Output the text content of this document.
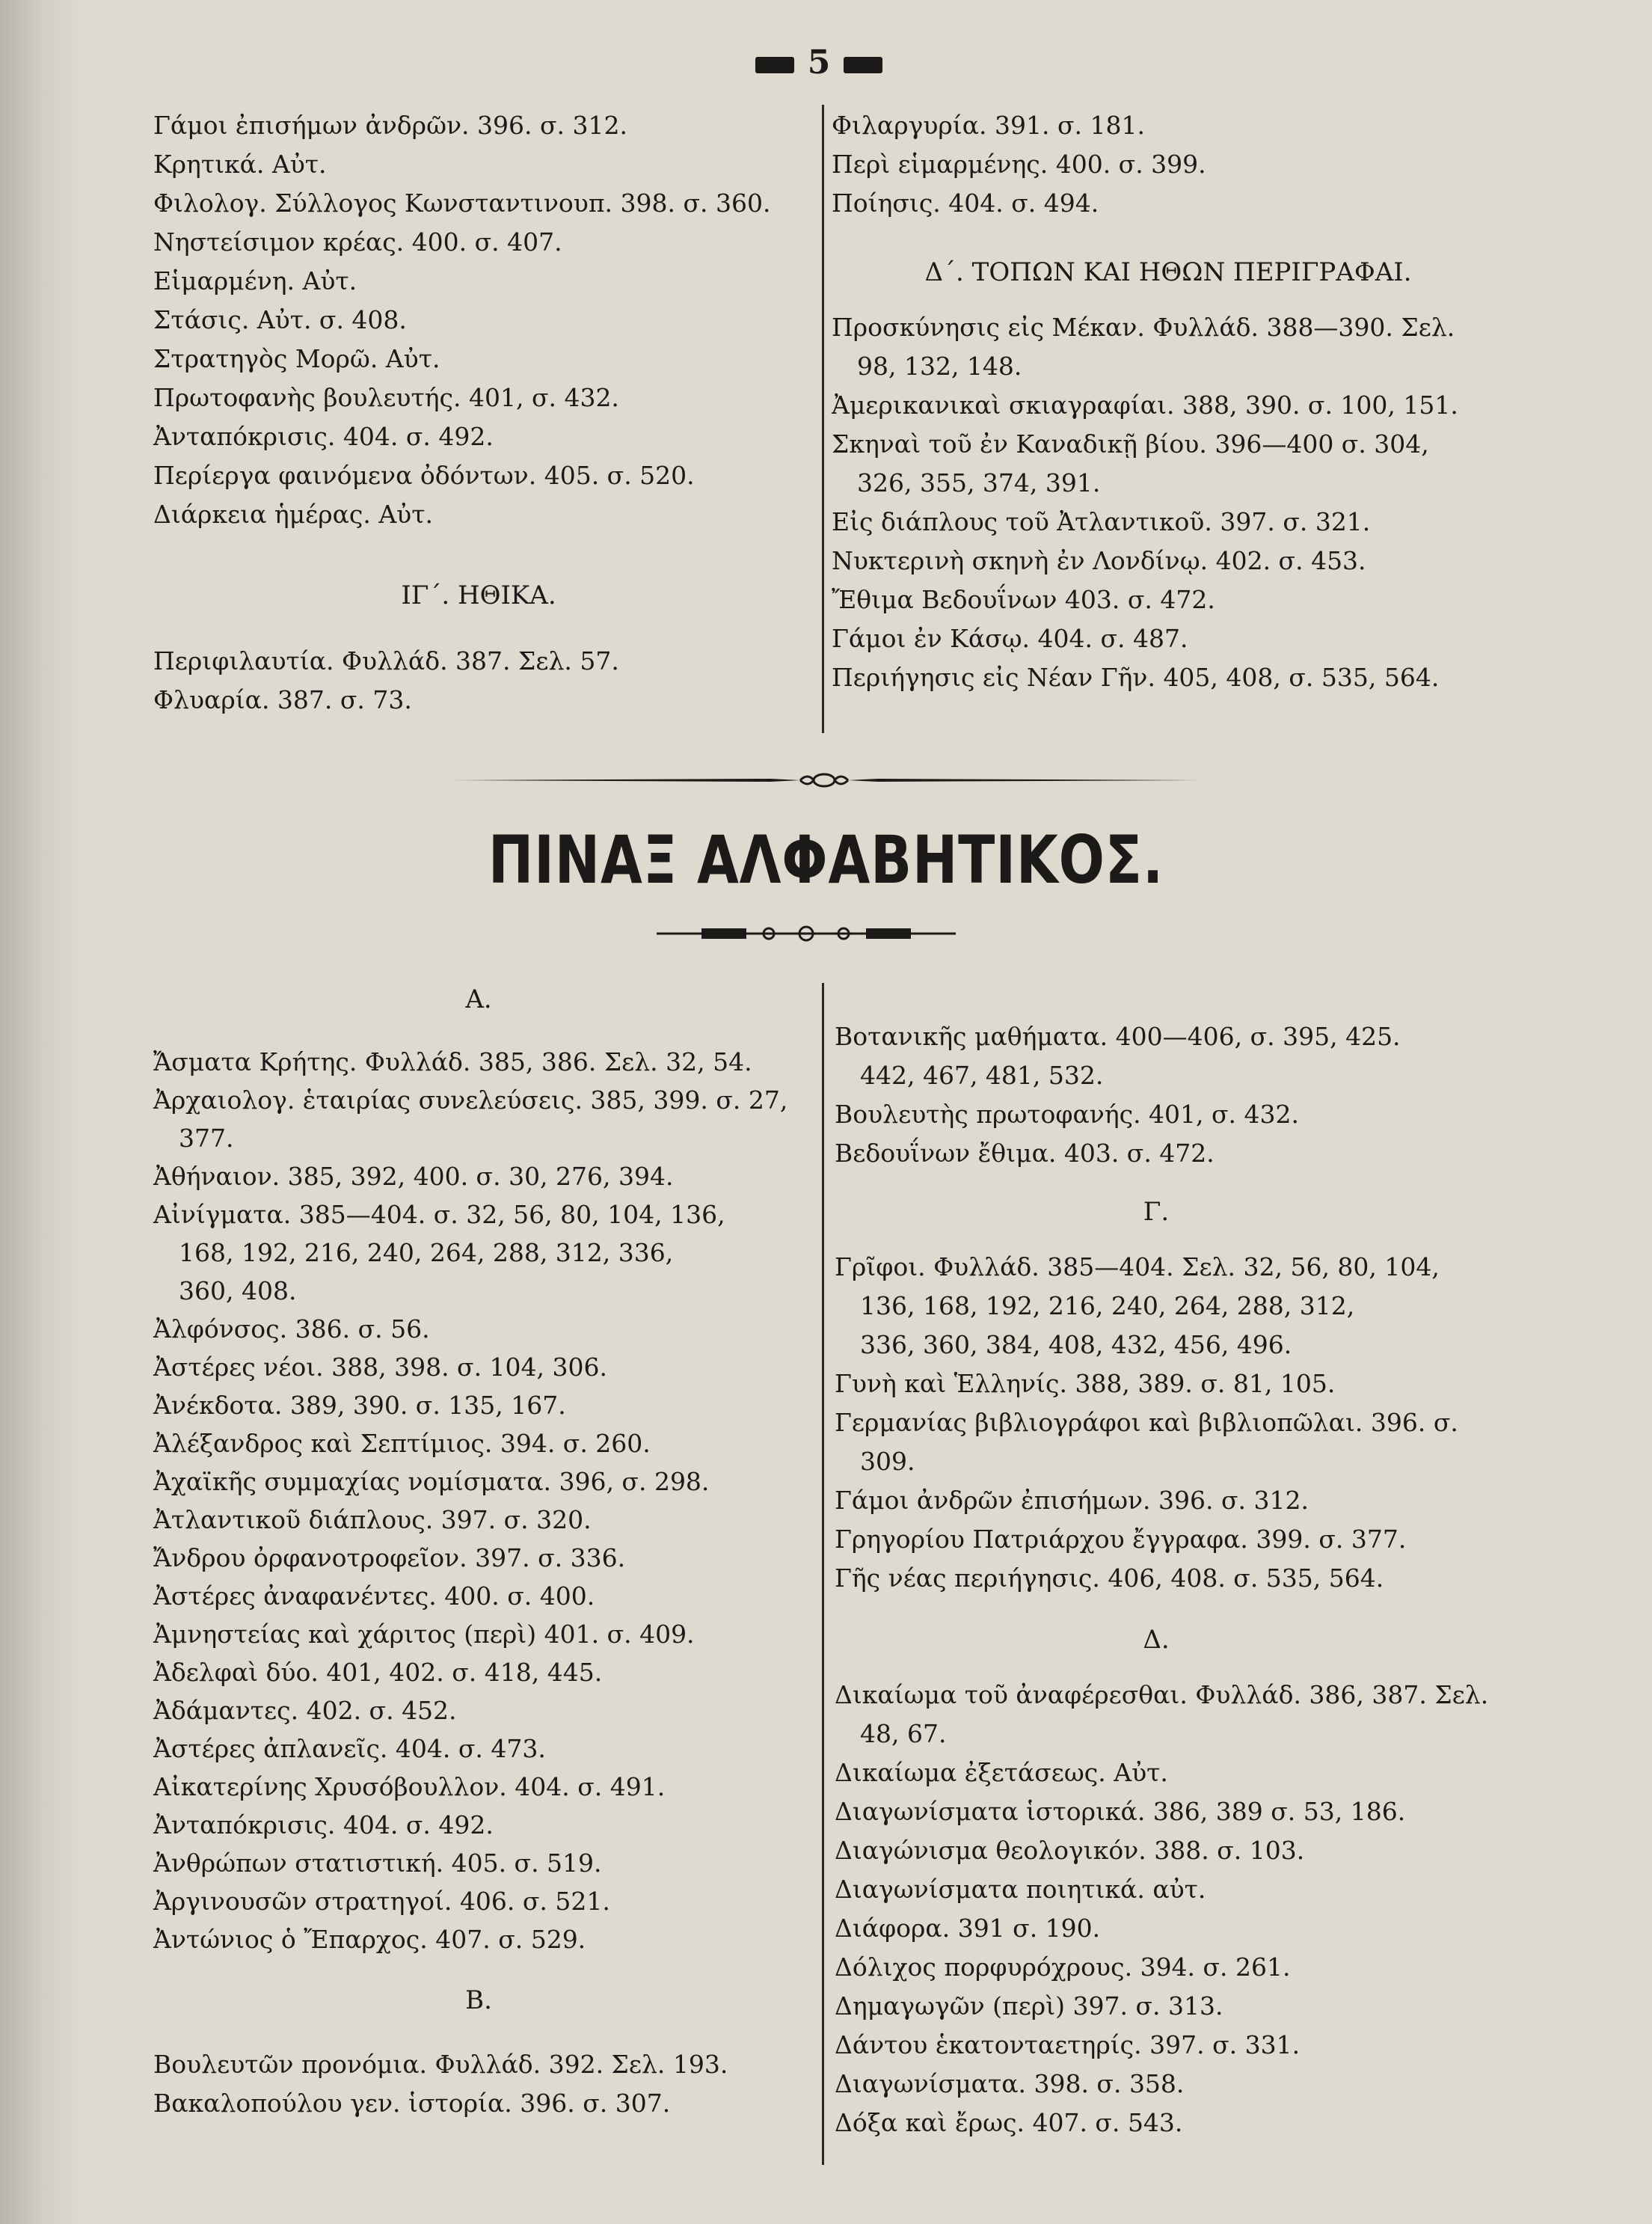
5
Γάμοι ἐπισήμων ἀνδρῶν. 396. σ. 312.
Κρητικά. Αὐτ.
Φιλολογ. Σύλλογος Κωνσταντινουπ. 398. σ. 360.
Νηστείσιμον κρέας. 400. σ. 407.
Εἱμαρμένη. Αὐτ.
Στάσις. Αὐτ. σ. 408.
Στρατηγὸς Μορῶ. Αὐτ.
Πρωτοφανὴς βουλευτής. 401, σ. 432.
Ἀνταπόκρισις. 404. σ. 492.
Περίεργα φαινόμενα ὀδόντων. 405. σ. 520.
Διάρκεια ἡμέρας. Αὐτ.
ΙΓ΄. ΗΘΙΚΑ.
Περιφιλαυτία. Φυλλάδ. 387. Σελ. 57.
Φλυαρία. 387. σ. 73.
Φιλαργυρία. 391. σ. 181.
Περὶ εἱμαρμένης. 400. σ. 399.
Ποίησις. 404. σ. 494.
Δ΄. ΤΟΠΩΝ ΚΑΙ ΗΘΩΝ ΠΕΡΙΓΡΑΦΑΙ.
Προσκύνησις εἰς Μέκαν. Φυλλάδ. 388—390. Σελ.
98, 132, 148.
Ἀμερικανικαὶ σκιαγραφίαι. 388, 390. σ. 100, 151.
Σκηναὶ τοῦ ἐν Καναδικῇ βίου. 396—400 σ. 304,
326, 355, 374, 391.
Εἰς διάπλους τοῦ Ἀτλαντικοῦ. 397. σ. 321.
Νυκτερινὴ σκηνὴ ἐν Λονδίνῳ. 402. σ. 453.
Ἔθιμα Βεδουΐνων 403. σ. 472.
Γάμοι ἐν Κάσῳ. 404. σ. 487.
Περιήγησις εἰς Νέαν Γῆν. 405, 408, σ. 535, 564.
ΠΙΝΑΞ ΑΛΦΑΒΗΤΙΚΟΣ.
Α.
Ἄσματα Κρήτης. Φυλλάδ. 385, 386. Σελ. 32, 54.
Ἀρχαιολογ. ἑταιρίας συνελεύσεις. 385, 399. σ. 27,
377.
Ἀθήναιον. 385, 392, 400. σ. 30, 276, 394.
Αἰνίγματα. 385—404. σ. 32, 56, 80, 104, 136,
168, 192, 216, 240, 264, 288, 312, 336,
360, 408.
Ἀλφόνσος. 386. σ. 56.
Ἀστέρες νέοι. 388, 398. σ. 104, 306.
Ἀνέκδοτα. 389, 390. σ. 135, 167.
Ἀλέξανδρος καὶ Σεπτίμιος. 394. σ. 260.
Ἀχαϊκῆς συμμαχίας νομίσματα. 396, σ. 298.
Ἀτλαντικοῦ διάπλους. 397. σ. 320.
Ἄνδρου ὀρφανοτροφεῖον. 397. σ. 336.
Ἀστέρες ἀναφανέντες. 400. σ. 400.
Ἀμνηστείας καὶ χάριτος (περὶ) 401. σ. 409.
Ἀδελφαὶ δύο. 401, 402. σ. 418, 445.
Ἀδάμαντες. 402. σ. 452.
Ἀστέρες ἀπλανεῖς. 404. σ. 473.
Αἰκατερίνης Χρυσόβουλλον. 404. σ. 491.
Ἀνταπόκρισις. 404. σ. 492.
Ἀνθρώπων στατιστική. 405. σ. 519.
Ἀργινουσῶν στρατηγοί. 406. σ. 521.
Ἀντώνιος ὁ Ἔπαρχος. 407. σ. 529.
Β.
Βουλευτῶν προνόμια. Φυλλάδ. 392. Σελ. 193.
Βακαλοπούλου γεν. ἱστορία. 396. σ. 307.
Βοτανικῆς μαθήματα. 400—406, σ. 395, 425.
442, 467, 481, 532.
Βουλευτὴς πρωτοφανής. 401, σ. 432.
Βεδουΐνων ἔθιμα. 403. σ. 472.
Γ.
Γρῖφοι. Φυλλάδ. 385—404. Σελ. 32, 56, 80, 104,
136, 168, 192, 216, 240, 264, 288, 312,
336, 360, 384, 408, 432, 456, 496.
Γυνὴ καὶ Ἑλληνίς. 388, 389. σ. 81, 105.
Γερμανίας βιβλιογράφοι καὶ βιβλιοπῶλαι. 396. σ.
309.
Γάμοι ἀνδρῶν ἐπισήμων. 396. σ. 312.
Γρηγορίου Πατριάρχου ἔγγραφα. 399. σ. 377.
Γῆς νέας περιήγησις. 406, 408. σ. 535, 564.
Δ.
Δικαίωμα τοῦ ἀναφέρεσθαι. Φυλλάδ. 386, 387. Σελ.
48, 67.
Δικαίωμα ἐξετάσεως. Αὐτ.
Διαγωνίσματα ἱστορικά. 386, 389 σ. 53, 186.
Διαγώνισμα θεολογικόν. 388. σ. 103.
Διαγωνίσματα ποιητικά. αὐτ.
Διάφορα. 391 σ. 190.
Δόλιχος πορφυρόχρους. 394. σ. 261.
Δημαγωγῶν (περὶ) 397. σ. 313.
Δάντου ἑκατονταετηρίς. 397. σ. 331.
Διαγωνίσματα. 398. σ. 358.
Δόξα καὶ ἔρως. 407. σ. 543.
